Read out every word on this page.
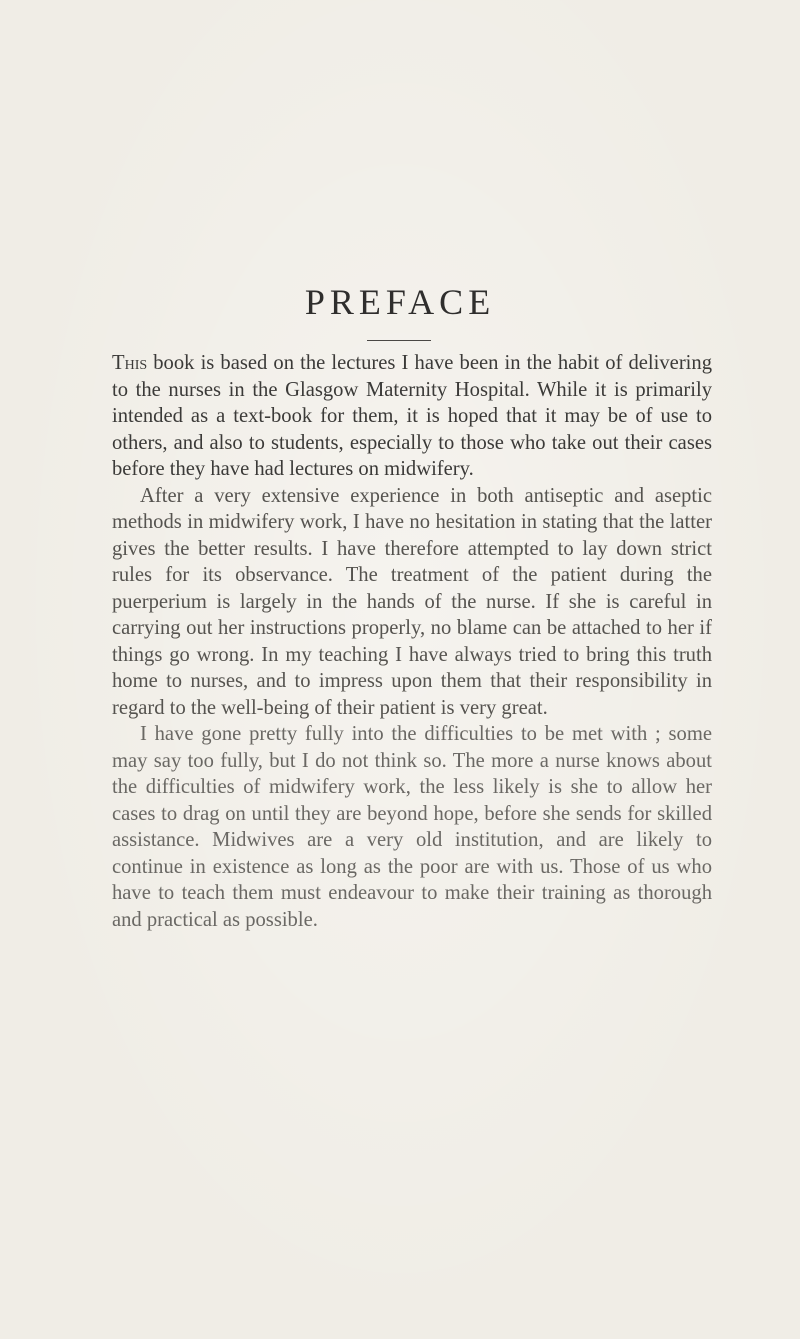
PREFACE

This book is based on the lectures I have been in the habit of delivering to the nurses in the Glasgow Maternity Hospital. While it is primarily intended as a text-book for them, it is hoped that it may be of use to others, and also to students, especially to those who take out their cases before they have had lectures on midwifery.

After a very extensive experience in both antiseptic and aseptic methods in midwifery work, I have no hesitation in stating that the latter gives the better results. I have therefore attempted to lay down strict rules for its observance. The treatment of the patient during the puerperium is largely in the hands of the nurse. If she is careful in carrying out her instructions properly, no blame can be attached to her if things go wrong. In my teaching I have always tried to bring this truth home to nurses, and to impress upon them that their responsibility in regard to the well-being of their patient is very great.

I have gone pretty fully into the difficulties to be met with ; some may say too fully, but I do not think so. The more a nurse knows about the difficulties of midwifery work, the less likely is she to allow her cases to drag on until they are beyond hope, before she sends for skilled assistance. Midwives are a very old institution, and are likely to continue in existence as long as the poor are with us. Those of us who have to teach them must endeavour to make their training as thorough and practical as possible.
